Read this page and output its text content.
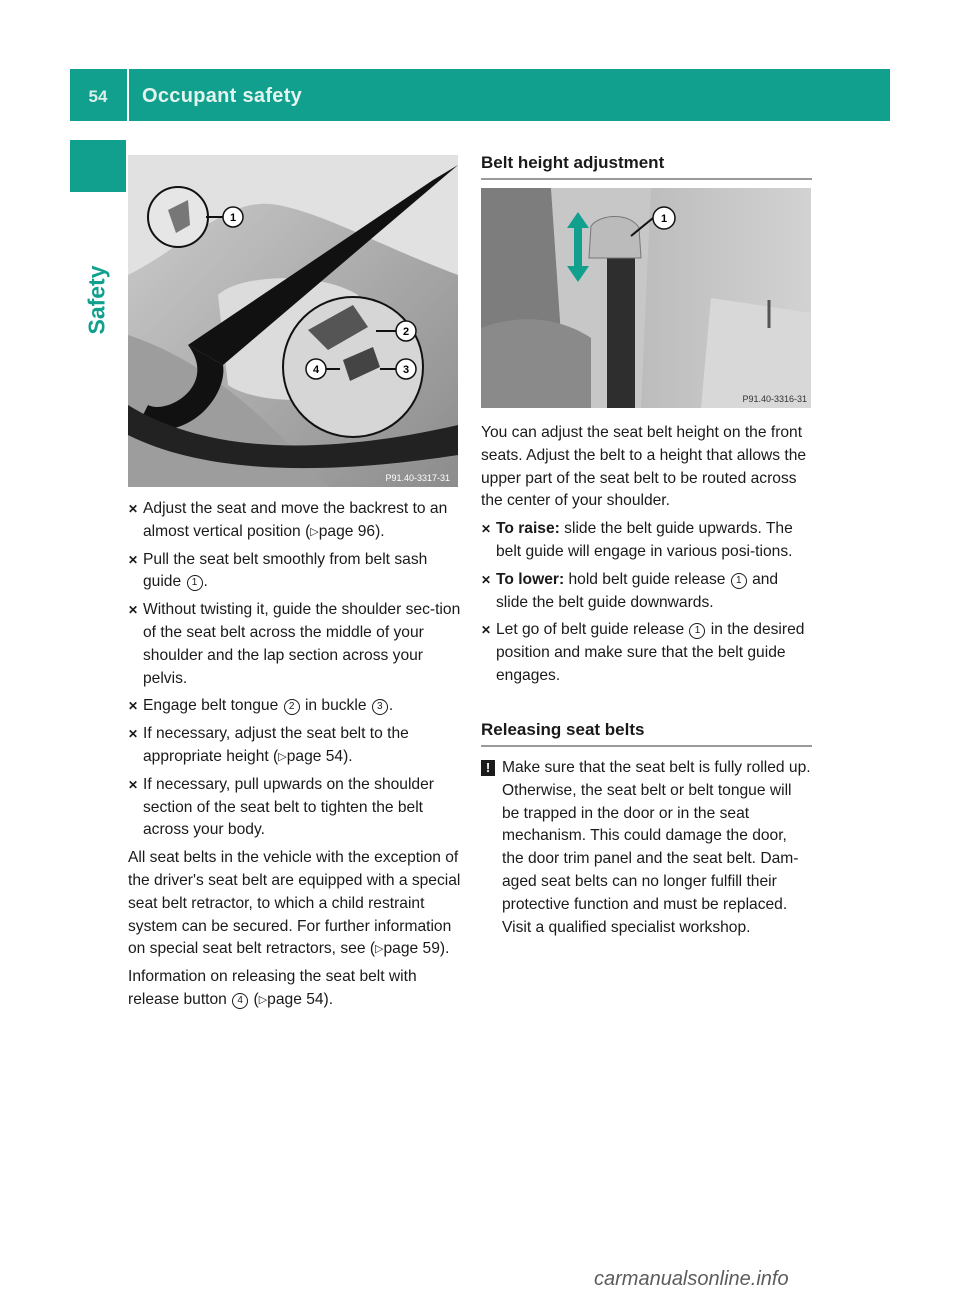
54	Occupant safety
Safety
1
2
3
4
P91.40-3317-31
✕ Adjust the seat and move the backrest to an almost vertical position (▷page 96).
✕ Pull the seat belt smoothly from belt sash guide 1 .
✕ Without twisting it, guide the shoulder sec-tion of the seat belt across the middle of your shoulder and the lap section across your pelvis.
✕ Engage belt tongue 2 in buckle 3 .
✕ If necessary, adjust the seat belt to the appropriate height (▷page 54).
✕ If necessary, pull upwards on the shoulder section of the seat belt to tighten the belt across your body.
All seat belts in the vehicle with the exception of the driver's seat belt are equipped with a special seat belt retractor, to which a child restraint system can be secured. For further information on special seat belt retractors, see (▷page 59).
Information on releasing the seat belt with release button 4 (▷page 54).
Belt height adjustment
1
P91.40-3316-31
You can adjust the seat belt height on the front seats. Adjust the belt to a height that allows the upper part of the seat belt to be routed across the center of your shoulder.
✕ To raise: slide the belt guide upwards. The belt guide will engage in various posi-tions.
✕ To lower: hold belt guide release 1 and slide the belt guide downwards.
✕ Let go of belt guide release 1 in the desired position and make sure that the belt guide engages.
Releasing seat belts
! Make sure that the seat belt is fully rolled up. Otherwise, the seat belt or belt tongue will be trapped in the door or in the seat mechanism. This could damage the door, the door trim panel and the seat belt. Dam-aged seat belts can no longer fulfill their protective function and must be replaced. Visit a qualified specialist workshop.
carmanualsonline.info
